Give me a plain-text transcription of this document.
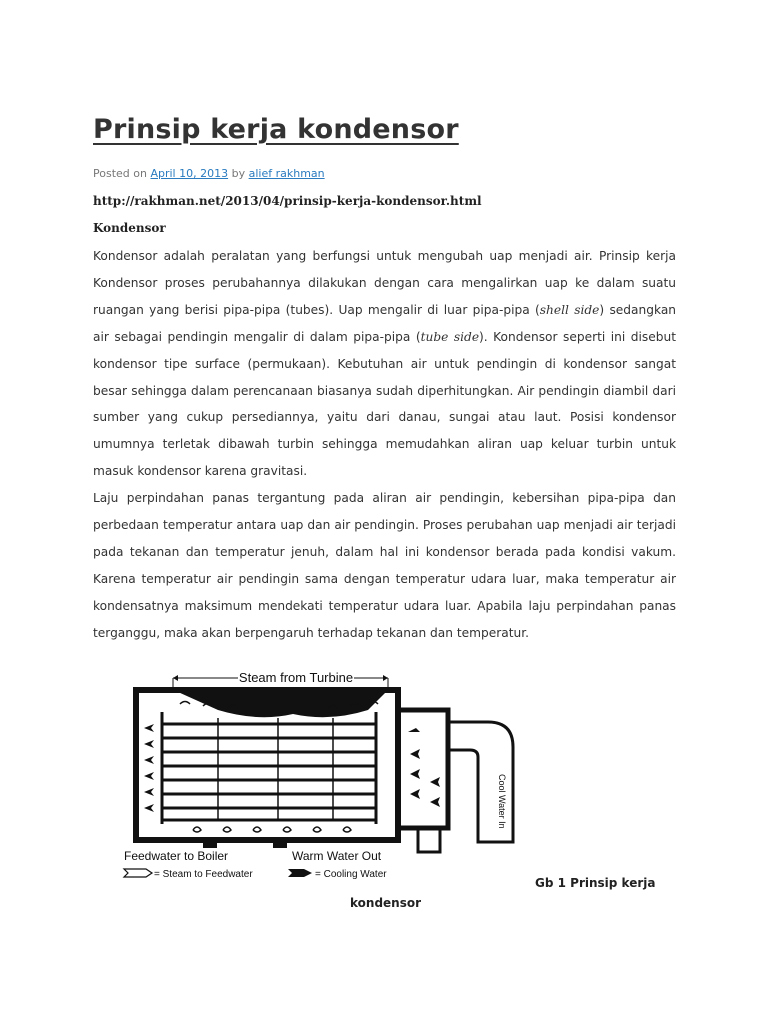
Prinsip kerja kondensor
Posted on April 10, 2013 by alief rakhman
http://rakhman.net/2013/04/prinsip-kerja-kondensor.html
Kondensor

Kondensor adalah peralatan yang berfungsi untuk mengubah uap menjadi air. Prinsip kerja Kondensor proses perubahannya dilakukan dengan cara mengalirkan uap ke dalam suatu ruangan yang berisi pipa-pipa (tubes). Uap mengalir di luar pipa-pipa (shell side) sedangkan air sebagai pendingin mengalir di dalam pipa-pipa (tube side). Kondensor seperti ini disebut kondensor tipe surface (permukaan). Kebutuhan air untuk pendingin di kondensor sangat besar sehingga dalam perencanaan biasanya sudah diperhitungkan. Air pendingin diambil dari sumber yang cukup persediannya, yaitu dari danau, sungai atau laut. Posisi kondensor umumnya terletak dibawah turbin sehingga memudahkan aliran uap keluar turbin untuk masuk kondensor karena gravitasi.

Laju perpindahan panas tergantung pada aliran air pendingin, kebersihan pipa-pipa dan perbedaan temperatur antara uap dan air pendingin. Proses perubahan uap menjadi air terjadi pada tekanan dan temperatur jenuh, dalam hal ini kondensor berada pada kondisi vakum. Karena temperatur air pendingin sama dengan temperatur udara luar, maka temperatur air kondensatnya maksimum mendekati temperatur udara luar. Apabila laju perpindahan panas terganggu, maka akan berpengaruh terhadap tekanan dan temperatur.

Steam from Turbine
Cool Water In
Feedwater to Boiler	Warm Water Out
= Steam to Feedwater	= Cooling Water
Gb 1 Prinsip kerja
kondensor
